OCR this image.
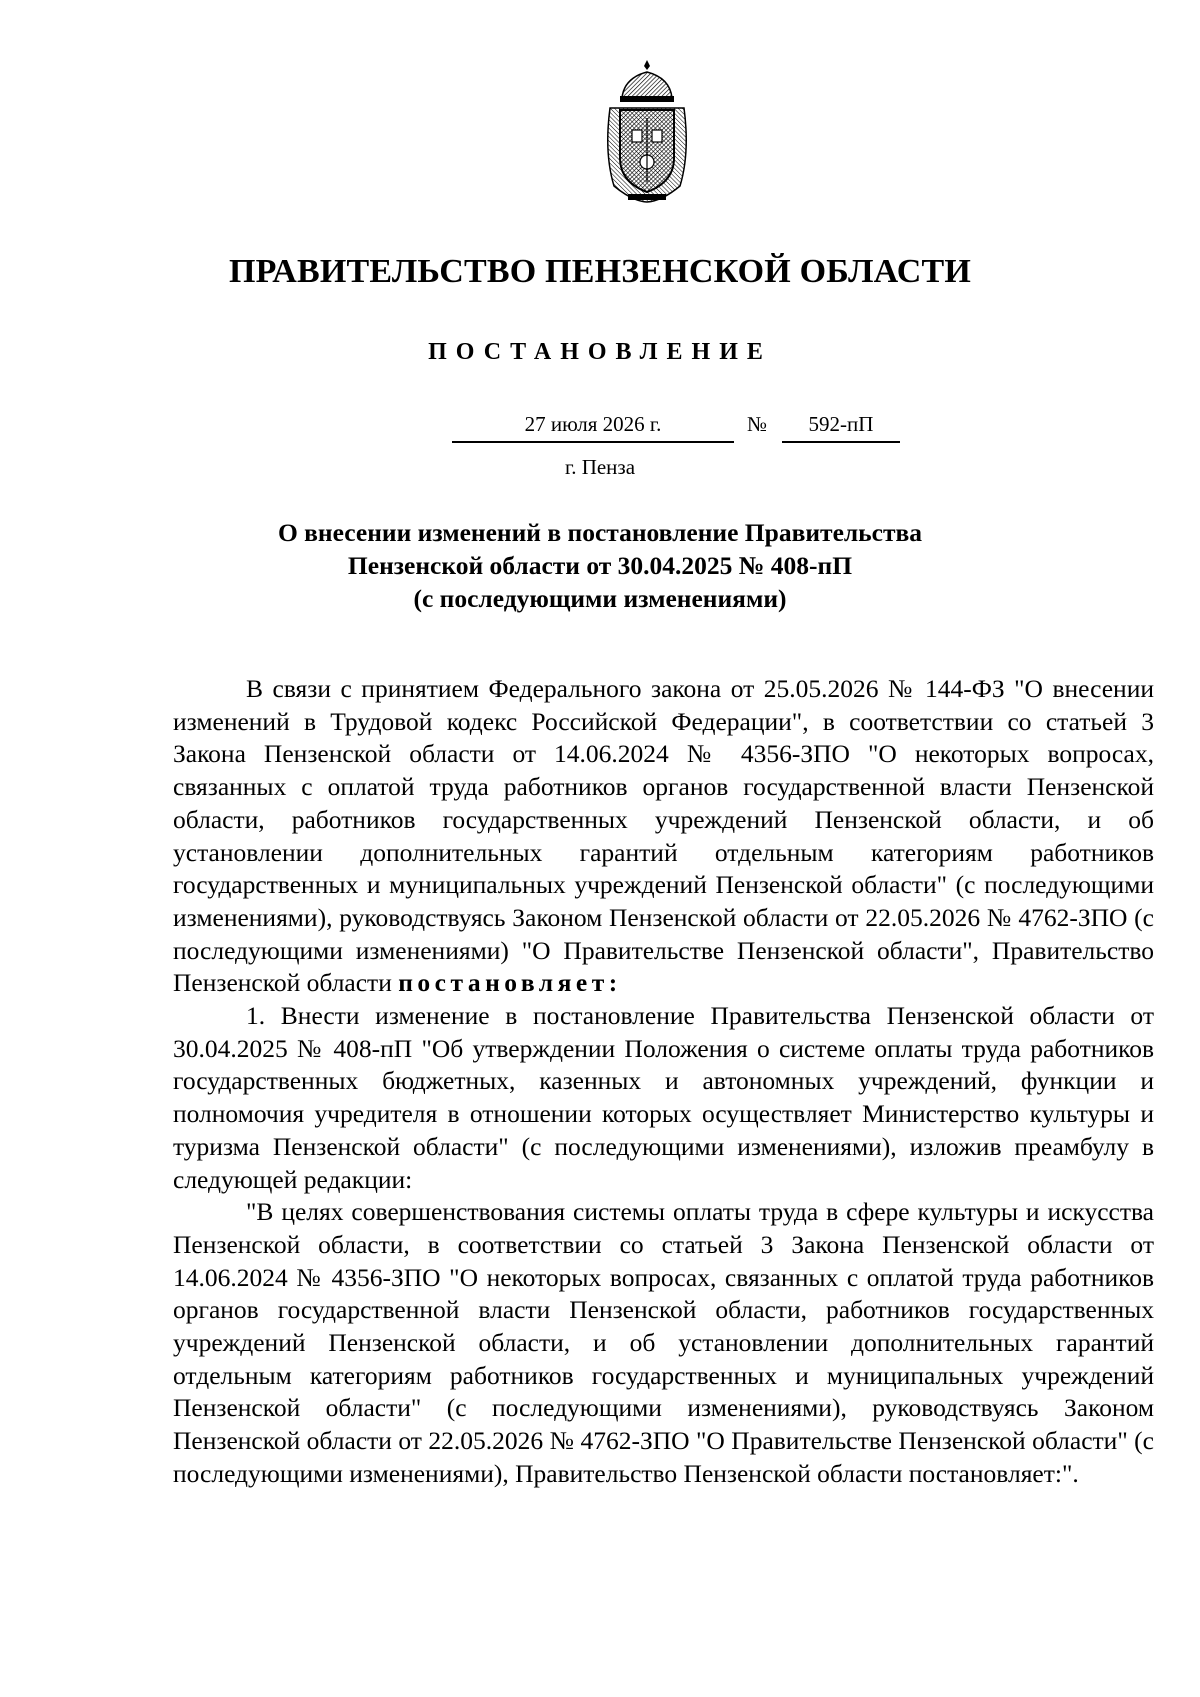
ПРАВИТЕЛЬСТВО ПЕНЗЕНСКОЙ ОБЛАСТИ
ПОСТАНОВЛЕНИЕ
27 июля 2026 г.	№	592-пП
г. Пенза
О внесении изменений в постановление Правительства
Пензенской области от 30.04.2025 № 408-пП
(с последующими изменениями)

В связи с принятием Федерального закона от 25.05.2026 № 144-ФЗ "О внесении изменений в Трудовой кодекс Российской Федерации", в соответствии со статьей 3 Закона Пензенской области от 14.06.2024 № 4356-ЗПО "О некоторых вопросах, связанных с оплатой труда работников органов государственной власти Пензенской области, работников государственных учреждений Пензенской области, и об установлении дополнительных гарантий отдельным категориям работников государственных и муниципальных учреждений Пензенской области" (с последующими изменениями), руководствуясь Законом Пензенской области от 22.05.2026 № 4762-ЗПО (с последующими изменениями) "О Правительстве Пензенской области", Правительство Пензенской области постановляет:

1. Внести изменение в постановление Правительства Пензенской области от 30.04.2025 № 408-пП "Об утверждении Положения о системе оплаты труда работников государственных бюджетных, казенных и автономных учреждений, функции и полномочия учредителя в отношении которых осуществляет Министерство культуры и туризма Пензенской области" (с последующими изменениями), изложив преамбулу в следующей редакции:

"В целях совершенствования системы оплаты труда в сфере культуры и искусства Пензенской области, в соответствии со статьей 3 Закона Пензенской области от 14.06.2024 № 4356-ЗПО "О некоторых вопросах, связанных с оплатой труда работников органов государственной власти Пензенской области, работников государственных учреждений Пензенской области, и об установлении дополнительных гарантий отдельным категориям работников государственных и муниципальных учреждений Пензенской области" (с последующими изменениями), руководствуясь Законом Пензенской области от 22.05.2026 № 4762-ЗПО "О Правительстве Пензенской области" (с последующими изменениями), Правительство Пензенской области постановляет:".
